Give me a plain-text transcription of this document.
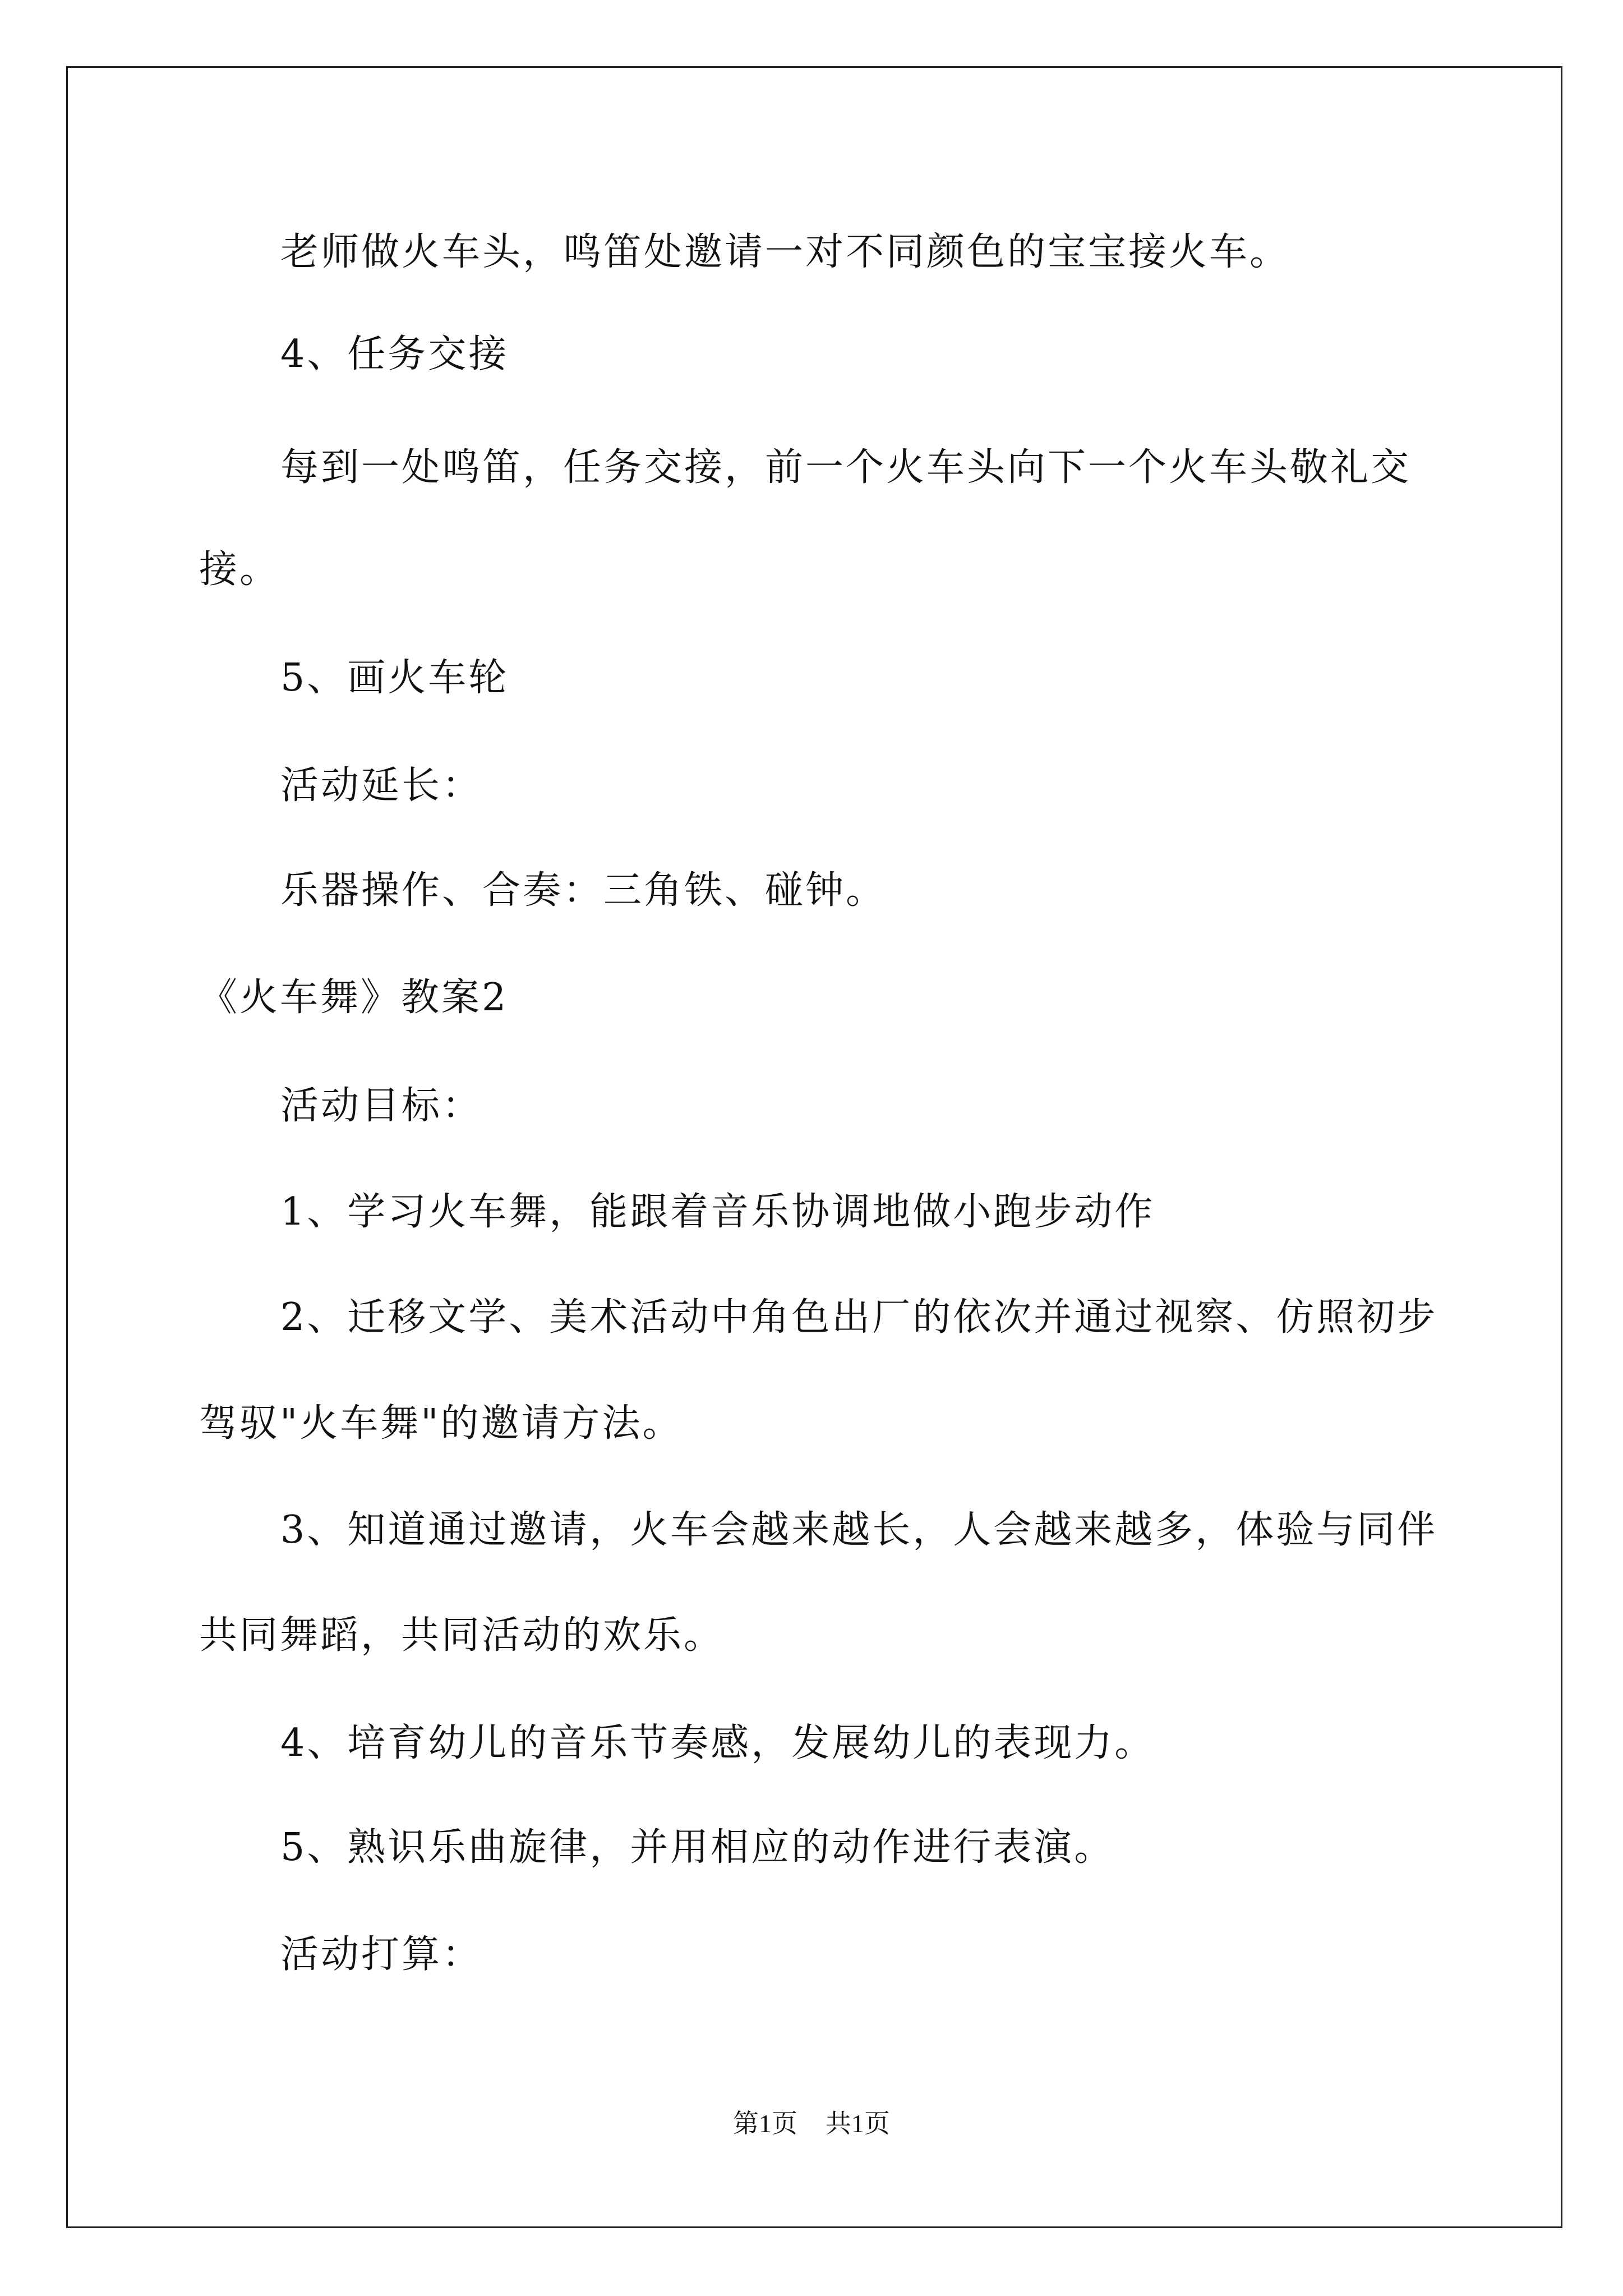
老师做火车头，鸣笛处邀请一对不同颜色的宝宝接火车。
4、任务交接
每到一处鸣笛，任务交接，前一个火车头向下一个火车头敬礼交
接。
5、画火车轮
活动延长：
乐器操作、合奏：三角铁、碰钟。
《火车舞》教案2
活动目标：
1、学习火车舞，能跟着音乐协调地做小跑步动作
2、迁移文学、美术活动中角色出厂的依次并通过视察、仿照初步
驾驭"火车舞"的邀请方法。
3、知道通过邀请，火车会越来越长，人会越来越多，体验与同伴
共同舞蹈，共同活动的欢乐。
4、培育幼儿的音乐节奏感，发展幼儿的表现力。
5、熟识乐曲旋律，并用相应的动作进行表演。
活动打算：
第1页 共1页
